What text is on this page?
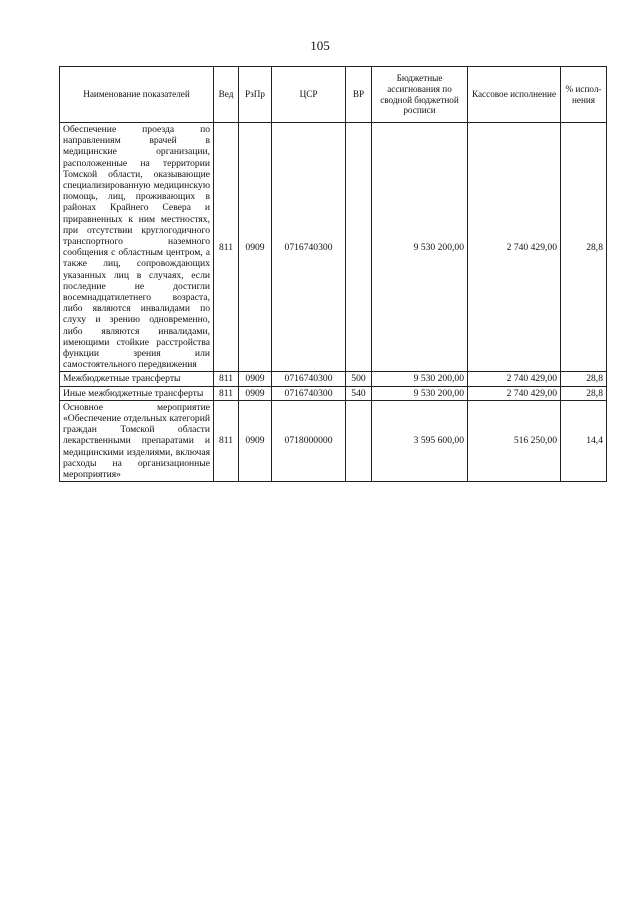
105
Наименование показателей	Вед	РзПр	ЦСР	ВР	Бюджетные ассигнования по сводной бюджетной росписи	Кассовое исполнение	% испол-нения
Обеспечение проезда по направлениям врачей в медицинские организации, расположенные на территории Томской области, оказывающие специализированную медицинскую помощь, лиц, проживающих в районах Крайнего Севера и приравненных к ним местностях, при отсутствии круглогодичного транспортного наземного сообщения с областным центром, а также лиц, сопровождающих указанных лиц в случаях, если последние не достигли восемнадцатилетнего возраста, либо являются инвалидами по слуху и зрению одновременно, либо являются инвалидами, имеющими стойкие расстройства функции зрения или самостоятельного передвижения	811	0909	0716740300		9 530 200,00	2 740 429,00	28,8
Межбюджетные трансферты	811	0909	0716740300	500	9 530 200,00	2 740 429,00	28,8
Иные межбюджетные трансферты	811	0909	0716740300	540	9 530 200,00	2 740 429,00	28,8
Основное мероприятие «Обеспечение отдельных категорий граждан Томской области лекарственными препаратами и медицинскими изделиями, включая расходы на организационные мероприятия»	811	0909	0718000000		3 595 600,00	516 250,00	14,4
